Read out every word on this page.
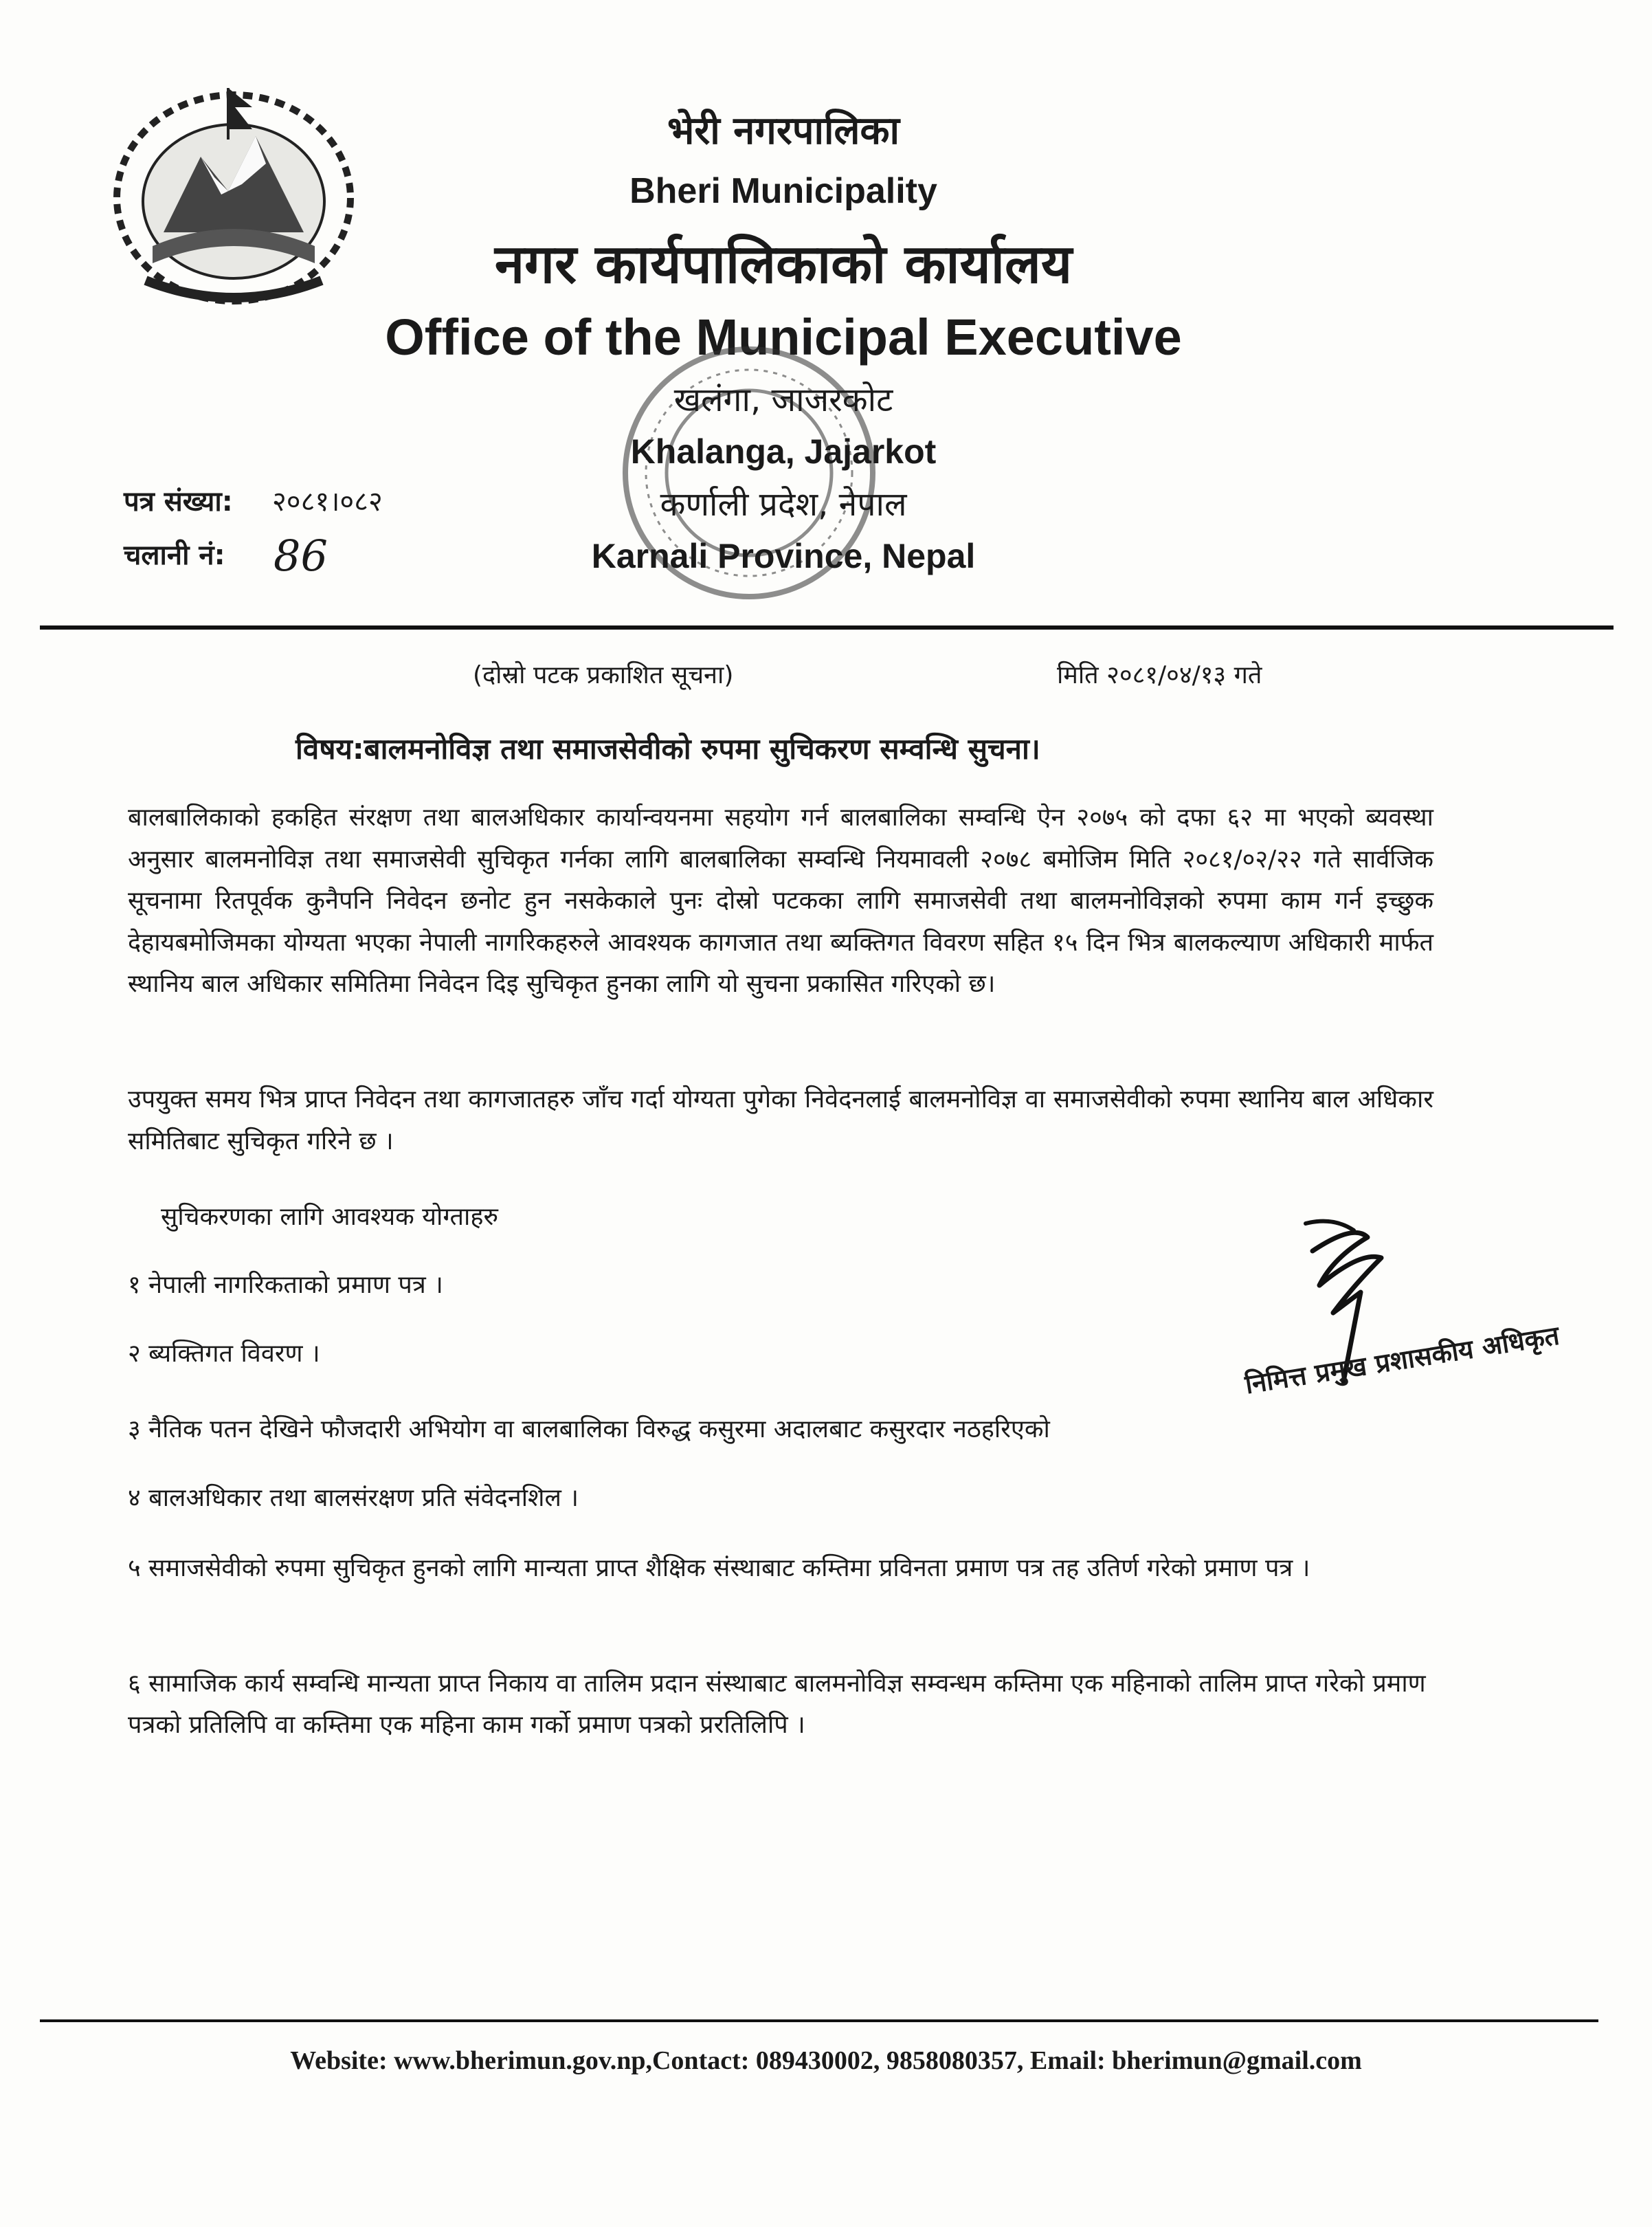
भेरी नगरपालिका
Bheri Municipality
नगर कार्यपालिकाको कार्यालय
Office of the Municipal Executive
खलंगा, जाजरकोट
Khalanga, Jajarkot
कर्णाली प्रदेश, नेपाल
Karnali Province, Nepal
पत्र संख्या: २०८१।०८२
चलानी नं: 86
(दोस्रो पटक प्रकाशित सूचना)	मिति २०८१/०४/१३ गते
विषय:बालमनोविज्ञ तथा समाजसेवीको रुपमा सुचिकरण सम्वन्धि सुचना।
बालबालिकाको हकहित संरक्षण तथा बालअधिकार कार्यान्वयनमा सहयोग गर्न बालबालिका सम्वन्धि ऐन २०७५ को दफा ६२ मा भएको ब्यवस्था अनुसार बालमनोविज्ञ तथा समाजसेवी सुचिकृत गर्नका लागि बालबालिका सम्वन्धि नियमावली २०७८ बमोजिम मिति २०८१/०२/२२ गते सार्वजिक सूचनामा रितपूर्वक कुनैपनि निवेदन छनोट हुन नसकेकाले पुनः दोस्रो पटकका लागि समाजसेवी तथा बालमनोविज्ञको रुपमा काम गर्न इच्छुक देहायबमोजिमका योग्यता भएका नेपाली नागरिकहरुले आवश्यक कागजात तथा ब्यक्तिगत विवरण सहित १५ दिन भित्र बालकल्याण अधिकारी मार्फत स्थानिय बाल अधिकार समितिमा निवेदन दिइ सुचिकृत हुनका लागि यो सुचना प्रकासित गरिएको छ।
उपयुक्त समय भित्र प्राप्त निवेदन तथा कागजातहरु जाँच गर्दा योग्यता पुगेका निवेदनलाई बालमनोविज्ञ वा समाजसेवीको रुपमा स्थानिय बाल अधिकार समितिबाट सुचिकृत गरिने छ ।
सुचिकरणका लागि आवश्यक योग्ताहरु
१ नेपाली नागरिकताको प्रमाण पत्र ।
२ ब्यक्तिगत विवरण ।
३ नैतिक पतन देखिने फौजदारी अभियोग वा बालबालिका विरुद्ध कसुरमा अदालबाट कसुरदार नठहरिएको
४ बालअधिकार तथा बालसंरक्षण प्रति संवेदनशिल ।
५ समाजसेवीको रुपमा सुचिकृत हुनको लागि मान्यता प्राप्त शैक्षिक संस्थाबाट कम्तिमा प्रविनता प्रमाण पत्र तह उतिर्ण गरेको प्रमाण पत्र ।
६ सामाजिक कार्य सम्वन्धि मान्यता प्राप्त निकाय वा तालिम प्रदान संस्थाबाट बालमनोविज्ञ सम्वन्धम कम्तिमा एक महिनाको तालिम प्राप्त गरेको प्रमाण पत्रको प्रतिलिपि वा कम्तिमा एक महिना काम गर्को प्रमाण पत्रको प्ररतिलिपि ।
निमित्त प्रमुख प्रशासकीय अधिकृत
Website: www.bherimun.gov.np,Contact: 089430002, 9858080357, Email: bherimun@gmail.com
